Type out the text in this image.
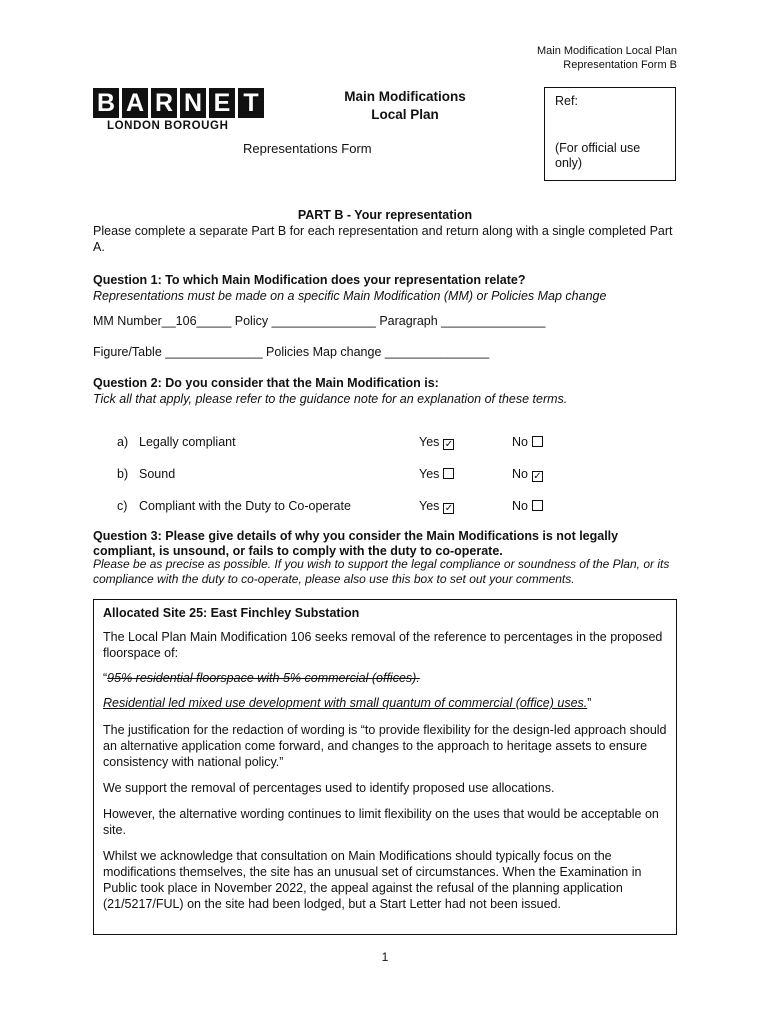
Main Modification Local Plan
Representation Form B
B A R N E T
LONDON BOROUGH
Main Modifications
Local Plan
Representations Form
Ref:
(For official use only)
PART B - Your representation
Please complete a separate Part B for each representation and return along with a single completed Part A.
Question 1: To which Main Modification does your representation relate?
Representations must be made on a specific Main Modification (MM) or Policies Map change
MM Number__106_____ Policy _______________ Paragraph _______________
Figure/Table ______________ Policies Map change _______________
Question 2: Do you consider that the Main Modification is:
Tick all that apply, please refer to the guidance note for an explanation of these terms.
a) Legally compliant	Yes ✓	No
b) Sound	Yes	No ✓
c) Compliant with the Duty to Co-operate	Yes ✓	No
Question 3: Please give details of why you consider the Main Modifications is not legally compliant, is unsound, or fails to comply with the duty to co-operate.
Please be as precise as possible. If you wish to support the legal compliance or soundness of the Plan, or its compliance with the duty to co-operate, please also use this box to set out your comments.

Allocated Site 25: East Finchley Substation

The Local Plan Main Modification 106 seeks removal of the reference to percentages in the proposed floorspace of:

“95% residential floorspace with 5% commercial (offices).

Residential led mixed use development with small quantum of commercial (office) uses.”

The justification for the redaction of wording is “to provide flexibility for the design-led approach should an alternative application come forward, and changes to the approach to heritage assets to ensure consistency with national policy.”

We support the removal of percentages used to identify proposed use allocations.

However, the alternative wording continues to limit flexibility on the uses that would be acceptable on site.

Whilst we acknowledge that consultation on Main Modifications should typically focus on the modifications themselves, the site has an unusual set of circumstances. When the Examination in Public took place in November 2022, the appeal against the refusal of the planning application (21/5217/FUL) on the site had been lodged, but a Start Letter had not been issued.

1
